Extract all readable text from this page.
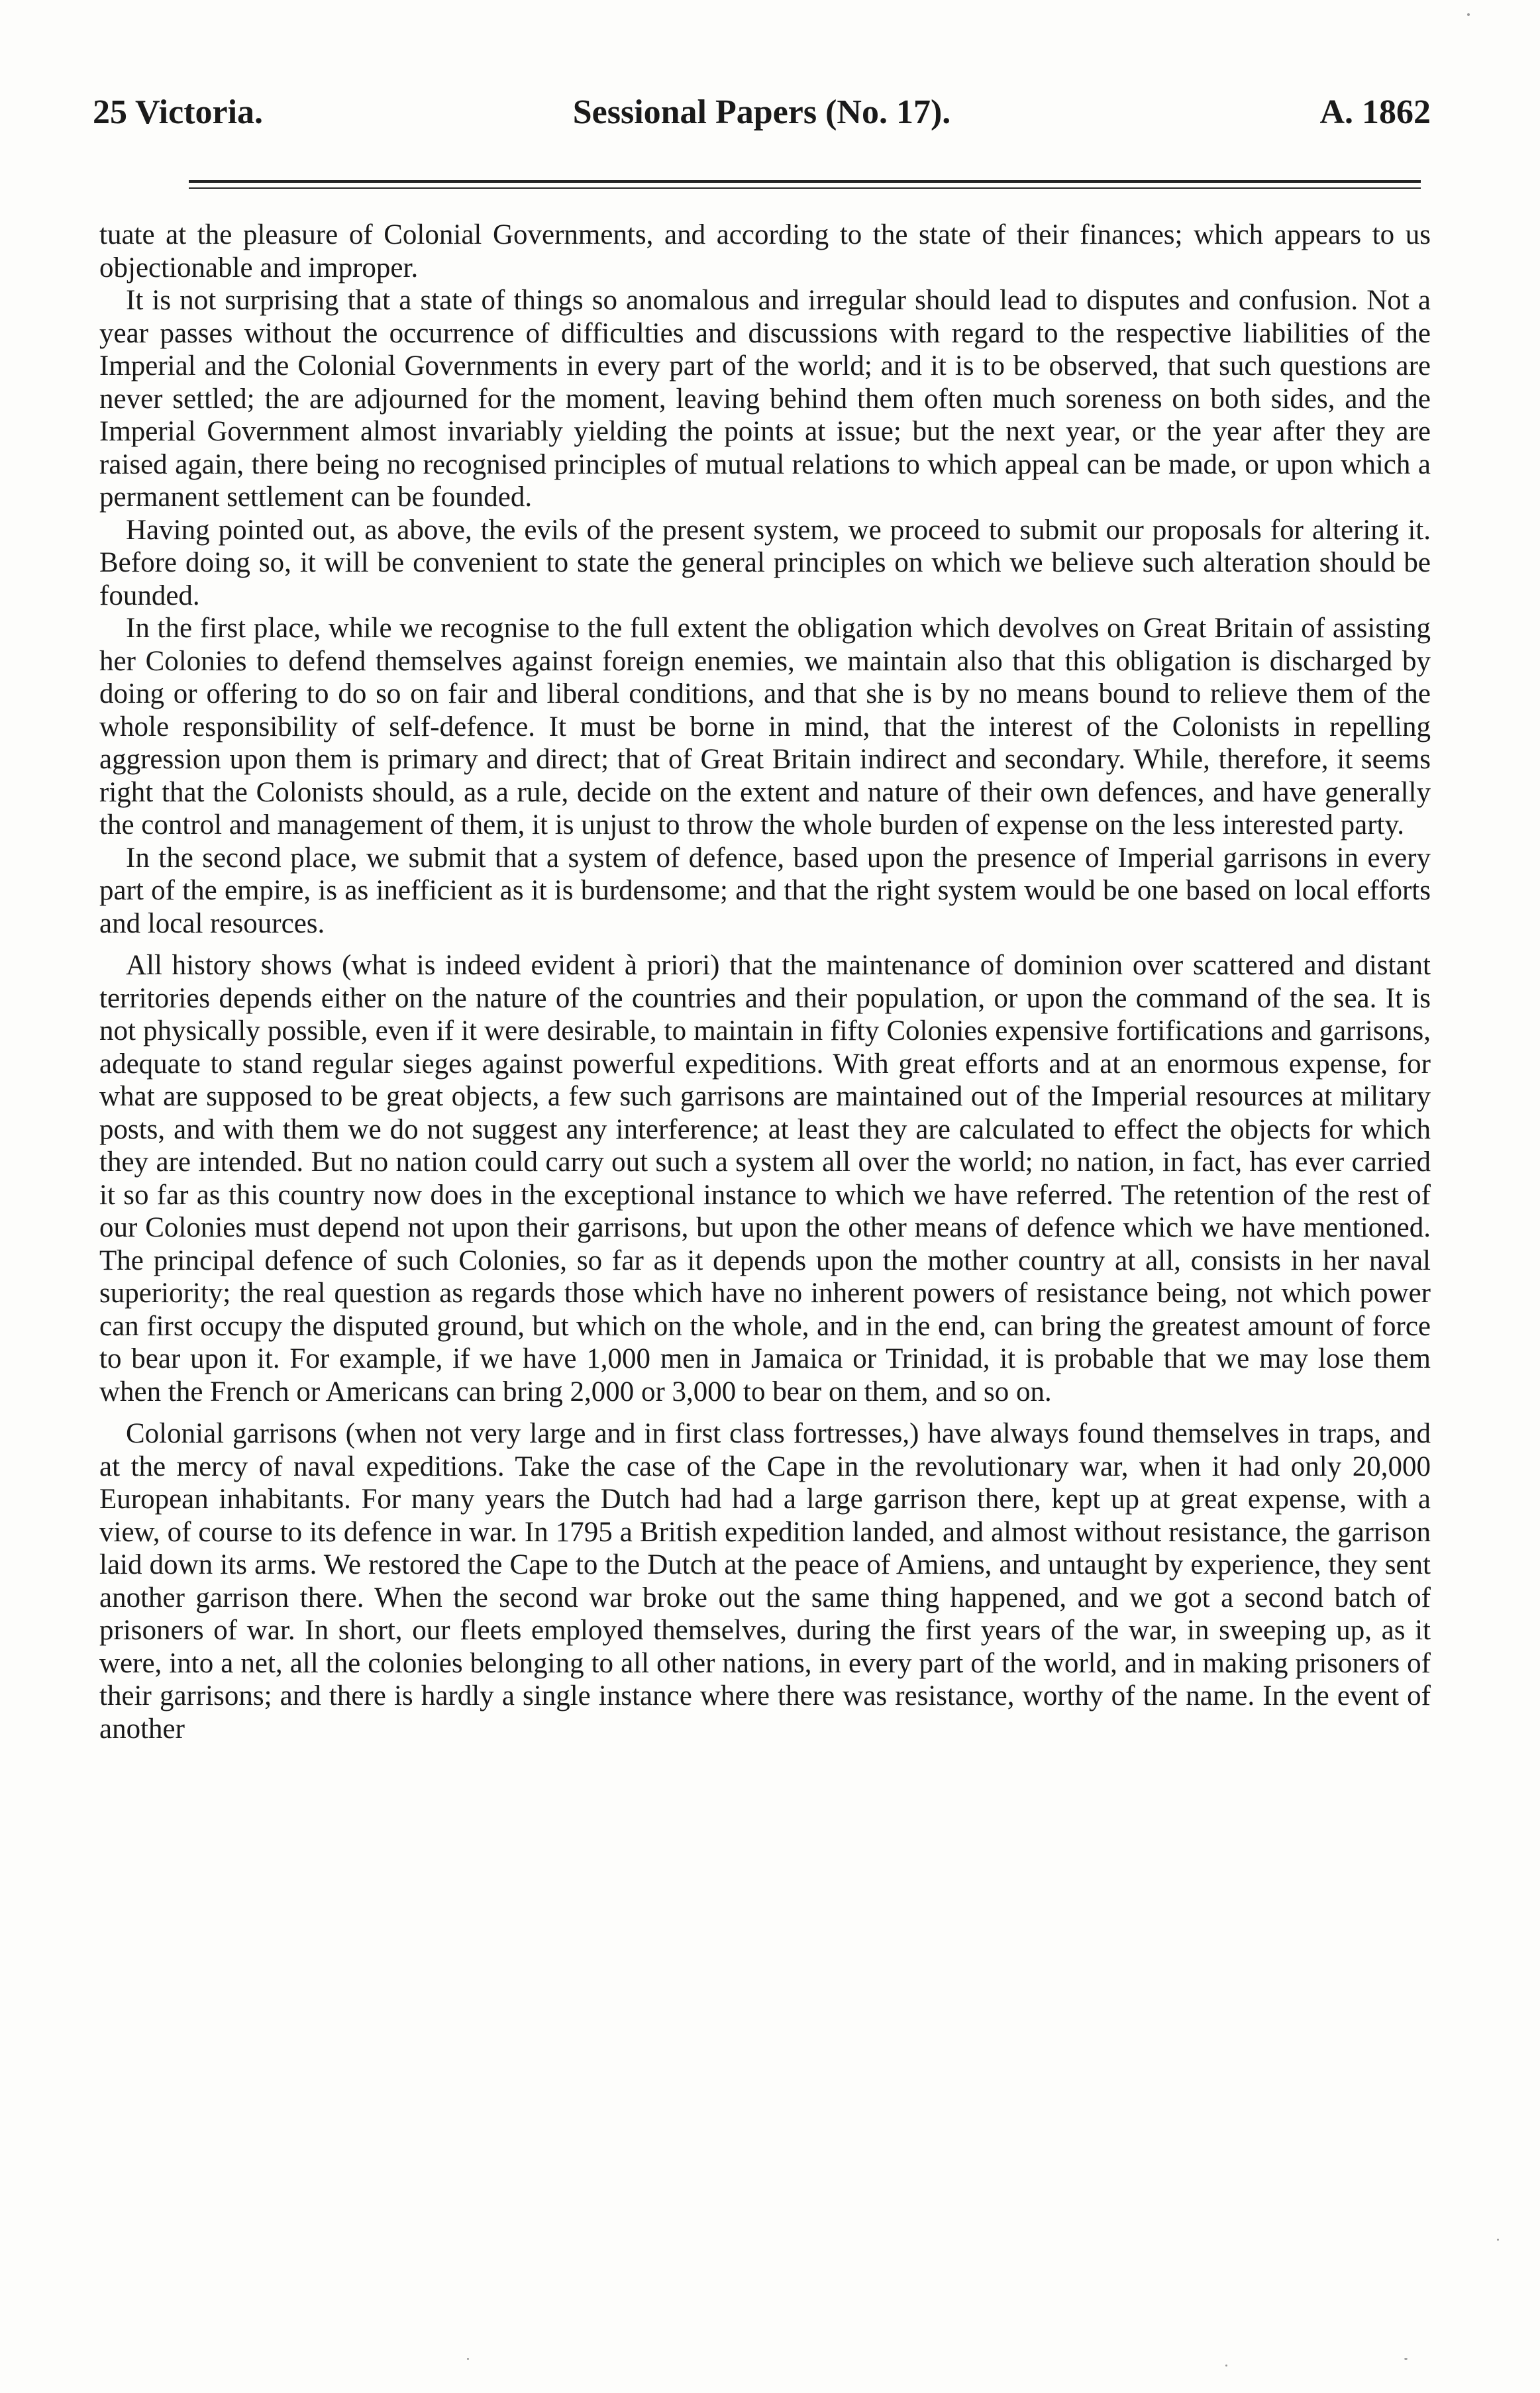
25 Victoria.	Sessional Papers (No. 17).	A. 1862

tuate at the pleasure of Colonial Governments, and according to the state of their finances; which appears to us objectionable and improper.

It is not surprising that a state of things so anomalous and irregular should lead to disputes and confusion. Not a year passes without the occurrence of difficulties and discussions with regard to the respective liabilities of the Imperial and the Colonial Governments in every part of the world; and it is to be observed, that such questions are never settled; the are adjourned for the moment, leaving behind them often much soreness on both sides, and the Imperial Government almost invariably yielding the points at issue; but the next year, or the year after they are raised again, there being no recognised principles of mutual relations to which appeal can be made, or upon which a permanent settlement can be founded.

Having pointed out, as above, the evils of the present system, we proceed to submit our proposals for altering it. Before doing so, it will be convenient to state the general principles on which we believe such alteration should be founded.

In the first place, while we recognise to the full extent the obligation which devolves on Great Britain of assisting her Colonies to defend themselves against foreign enemies, we maintain also that this obligation is discharged by doing or offering to do so on fair and liberal conditions, and that she is by no means bound to relieve them of the whole responsibility of self-defence. It must be borne in mind, that the interest of the Colonists in repelling aggression upon them is primary and direct; that of Great Britain indirect and secondary. While, therefore, it seems right that the Colonists should, as a rule, decide on the extent and nature of their own defences, and have generally the control and management of them, it is unjust to throw the whole burden of expense on the less interested party.

In the second place, we submit that a system of defence, based upon the presence of Imperial garrisons in every part of the empire, is as inefficient as it is burdensome; and that the right system would be one based on local efforts and local resources.

All history shows (what is indeed evident à priori) that the maintenance of dominion over scattered and distant territories depends either on the nature of the countries and their population, or upon the command of the sea. It is not physically possible, even if it were desirable, to maintain in fifty Colonies expensive fortifications and garrisons, adequate to stand regular sieges against powerful expeditions. With great efforts and at an enormous expense, for what are supposed to be great objects, a few such garrisons are maintained out of the Imperial resources at military posts, and with them we do not suggest any interference; at least they are calculated to effect the objects for which they are intended. But no nation could carry out such a system all over the world; no nation, in fact, has ever carried it so far as this country now does in the exceptional instance to which we have referred. The retention of the rest of our Colonies must depend not upon their garrisons, but upon the other means of defence which we have mentioned. The principal defence of such Colonies, so far as it depends upon the mother country at all, consists in her naval superiority; the real question as regards those which have no inherent powers of resistance being, not which power can first occupy the disputed ground, but which on the whole, and in the end, can bring the greatest amount of force to bear upon it. For example, if we have 1,000 men in Jamaica or Trinidad, it is probable that we may lose them when the French or Americans can bring 2,000 or 3,000 to bear on them, and so on.

Colonial garrisons (when not very large and in first class fortresses,) have always found themselves in traps, and at the mercy of naval expeditions. Take the case of the Cape in the revolutionary war, when it had only 20,000 European inhabitants. For many years the Dutch had had a large garrison there, kept up at great expense, with a view, of course to its defence in war. In 1795 a British expedition landed, and almost without resistance, the garrison laid down its arms. We restored the Cape to the Dutch at the peace of Amiens, and untaught by experience, they sent another garrison there. When the second war broke out the same thing happened, and we got a second batch of prisoners of war. In short, our fleets employed themselves, during the first years of the war, in sweeping up, as it were, into a net, all the colonies belonging to all other nations, in every part of the world, and in making prisoners of their garrisons; and there is hardly a single instance where there was resistance, worthy of the name. In the event of another
